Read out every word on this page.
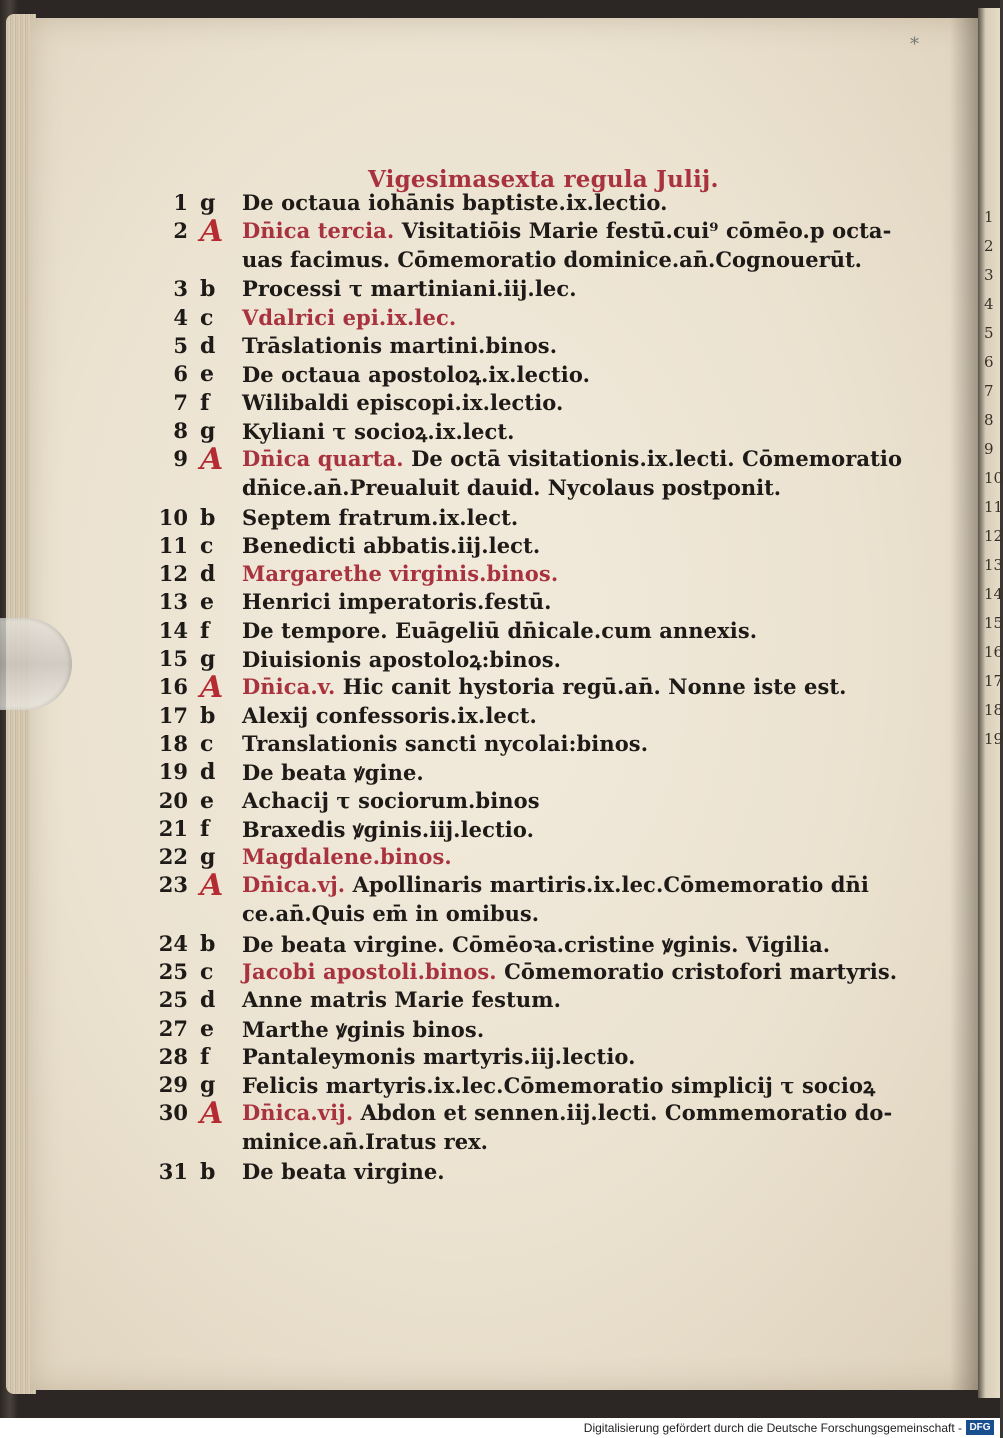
1
2
3
4
5
6
7
8
9
10
11
12
13
14
15
16
17
18
19
*
Vigesimasexta regula Julij.
1 g De octaua iohānis baptiste.ix.lectio.
2 A Dn̄ica tercia. Visitatiōis Marie festū.cui⁹ cōmēo.p octa-
uas facimus. Cōmemoratio dominice.an̄.Cognouerūt.
3 b Processi τ martiniani.iij.lec.
4 c Vdalrici epi.ix.lec.
5 d Trāslationis martini.binos.
6 e De octaua apostoloꝝ.ix.lectio.
7 f Wilibaldi episcopi.ix.lectio.
8 g Kyliani τ socioꝝ.ix.lect.
9 A Dn̄ica quarta. De octā visitationis.ix.lecti. Cōmemoratio
dn̄ice.an̄.Preualuit dauid. Nycolaus postponit.
10 b Septem fratrum.ix.lect.
11 c Benedicti abbatis.iij.lect.
12 d Margarethe virginis.binos.
13 e Henrici imperatoris.festū.
14 f De tempore. Euāgeliū dn̄icale.cum annexis.
15 g Diuisionis apostoloꝝ:binos.
16 A Dn̄ica.v. Hic canit hystoria regū.an̄. Nonne iste est.
17 b Alexij confessoris.ix.lect.
18 c Translationis sancti nycolai:binos.
19 d De beata ꝟgine.
20 e Achacij τ sociorum.binos
21 f Braxedis ꝟginis.iij.lectio.
22 g Magdalene.binos.
23 A Dn̄ica.vj. Apollinaris martiris.ix.lec.Cōmemoratio dn̄i
ce.an̄.Quis em̄ in omibus.
24 b De beata virgine. Cōmēoꝛa.cristine ꝟginis. Vigilia.
25 c Jacobi apostoli.binos. Cōmemoratio cristofori martyris.
25 d Anne matris Marie festum.
27 e Marthe ꝟginis binos.
28 f Pantaleymonis martyris.iij.lectio.
29 g Felicis martyris.ix.lec.Cōmemoratio simplicij τ socioꝝ
30 A Dn̄ica.vij. Abdon et sennen.iij.lecti. Commemoratio do-
minice.an̄.Iratus rex.
31 b De beata virgine.
Digitalisierung gefördert durch die Deutsche Forschungsgemeinschaft - DFG
